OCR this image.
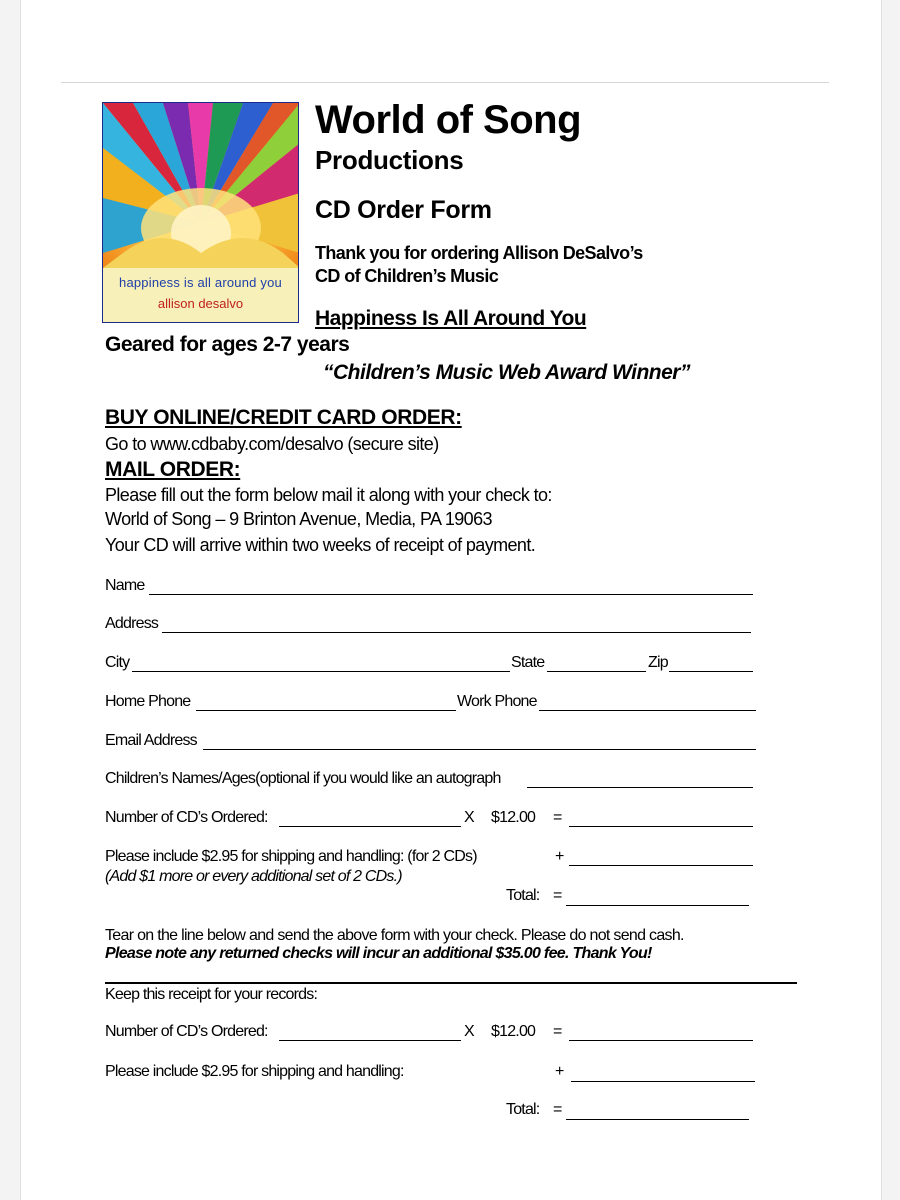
happiness is all around you
allison desalvo
World of Song
Productions
CD Order Form
Thank you for ordering Allison DeSalvo’s
CD of Children’s Music
Happiness Is All Around You
Geared for ages 2-7 years
“Children’s Music Web Award Winner”
BUY ONLINE/CREDIT CARD ORDER:
Go to www.cdbaby.com/desalvo (secure site)
MAIL ORDER:
Please fill out the form below mail it along with your check to:
World of Song – 9 Brinton Avenue, Media, PA 19063
Your CD will arrive within two weeks of receipt of payment.
Name
Address
City	State	Zip
Home Phone	Work Phone
Email Address
Children’s Names/Ages(optional if you would like an autograph
Number of CD’s Ordered:	X $12.00 =
Please include $2.95 for shipping and handling: (for 2 CDs)	+
(Add $1 more or every additional set of 2 CDs.)
Total: =
Tear on the line below and send the above form with your check. Please do not send cash.
Please note any returned checks will incur an additional $35.00 fee. Thank You!
Keep this receipt for your records:
Number of CD’s Ordered:	X $12.00 =
Please include $2.95 for shipping and handling:	+
Total: =
